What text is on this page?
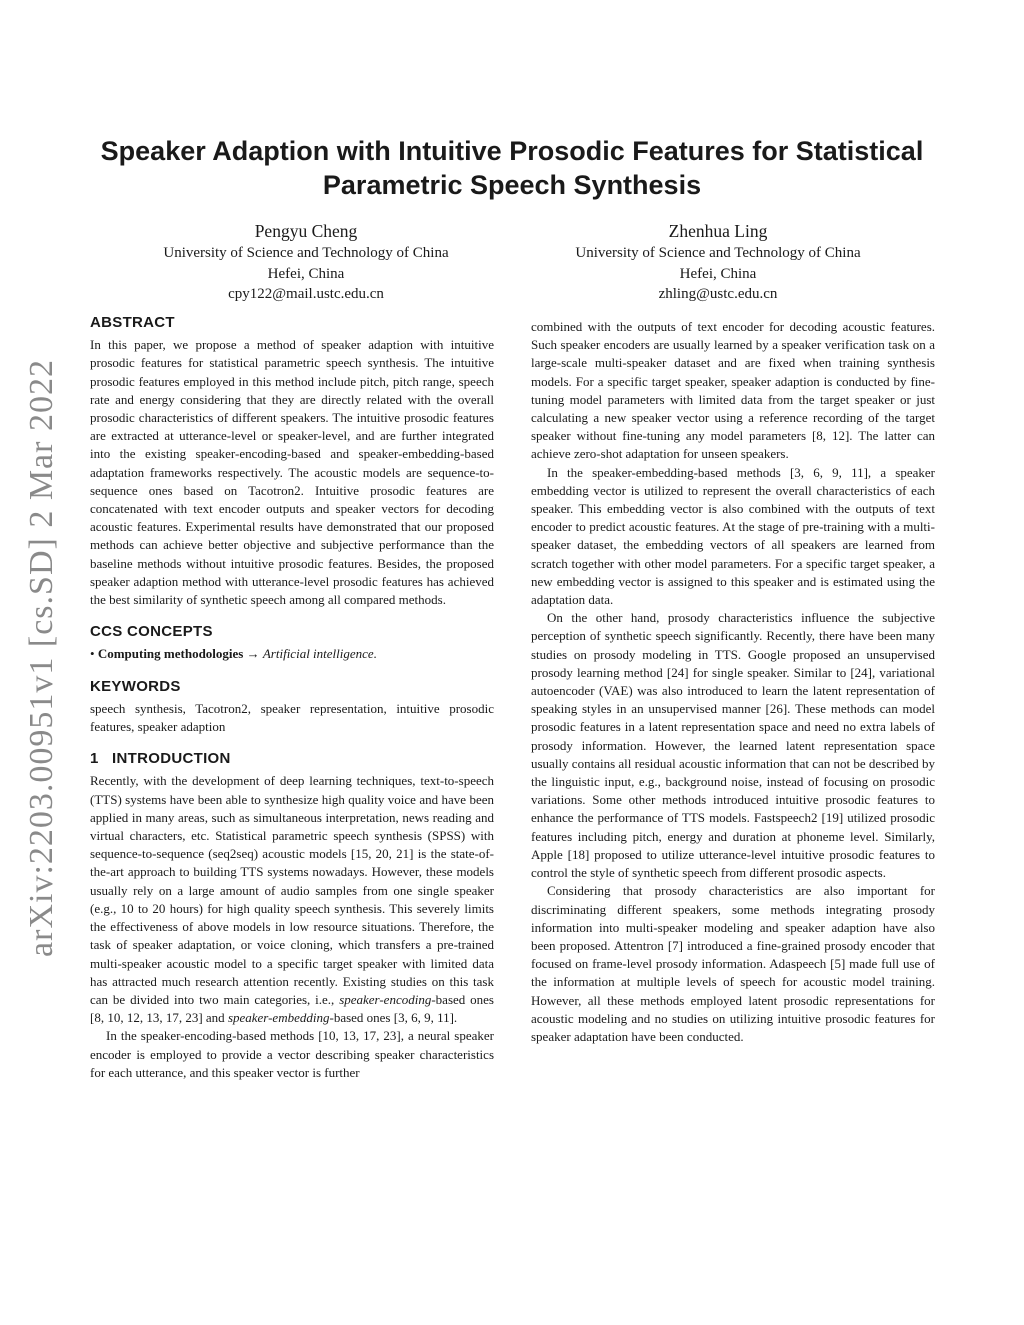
arXiv:2203.00951v1 [cs.SD] 2 Mar 2022
Speaker Adaption with Intuitive Prosodic Features for Statistical
Parametric Speech Synthesis
Pengyu Cheng
University of Science and Technology of China
Hefei, China
cpy122@mail.ustc.edu.cn
Zhenhua Ling
University of Science and Technology of China
Hefei, China
zhling@ustc.edu.cn
ABSTRACT

In this paper, we propose a method of speaker adaption with intuitive prosodic features for statistical parametric speech synthesis. The intuitive prosodic features employed in this method include pitch, pitch range, speech rate and energy considering that they are directly related with the overall prosodic characteristics of different speakers. The intuitive prosodic features are extracted at utterance-level or speaker-level, and are further integrated into the existing speaker-encoding-based and speaker-embedding-based adaptation frameworks respectively. The acoustic models are sequence-to-sequence ones based on Tacotron2. Intuitive prosodic features are concatenated with text encoder outputs and speaker vectors for decoding acoustic features. Experimental results have demonstrated that our proposed methods can achieve better objective and subjective performance than the baseline methods without intuitive prosodic features. Besides, the proposed speaker adaption method with utterance-level prosodic features has achieved the best similarity of synthetic speech among all compared methods.

CCS CONCEPTS

• Computing methodologies → Artificial intelligence.

KEYWORDS

speech synthesis, Tacotron2, speaker representation, intuitive prosodic features, speaker adaption

1   INTRODUCTION

Recently, with the development of deep learning techniques, text-to-speech (TTS) systems have been able to synthesize high quality voice and have been applied in many areas, such as simultaneous interpretation, news reading and virtual characters, etc. Statistical parametric speech synthesis (SPSS) with sequence-to-sequence (seq2seq) acoustic models [15, 20, 21] is the state-of-the-art approach to building TTS systems nowadays. However, these models usually rely on a large amount of audio samples from one single speaker (e.g., 10 to 20 hours) for high quality speech synthesis. This severely limits the effectiveness of above models in low resource situations. Therefore, the task of speaker adaptation, or voice cloning, which transfers a pre-trained multi-speaker acoustic model to a specific target speaker with limited data has attracted much research attention recently. Existing studies on this task can be divided into two main categories, i.e., speaker-encoding-based ones [8, 10, 12, 13, 17, 23] and speaker-embedding-based ones [3, 6, 9, 11].

In the speaker-encoding-based methods [10, 13, 17, 23], a neural speaker encoder is employed to provide a vector describing speaker characteristics for each utterance, and this speaker vector is further

combined with the outputs of text encoder for decoding acoustic features. Such speaker encoders are usually learned by a speaker verification task on a large-scale multi-speaker dataset and are fixed when training synthesis models. For a specific target speaker, speaker adaption is conducted by fine-tuning model parameters with limited data from the target speaker or just calculating a new speaker vector using a reference recording of the target speaker without fine-tuning any model parameters [8, 12]. The latter can achieve zero-shot adaptation for unseen speakers.

In the speaker-embedding-based methods [3, 6, 9, 11], a speaker embedding vector is utilized to represent the overall characteristics of each speaker. This embedding vector is also combined with the outputs of text encoder to predict acoustic features. At the stage of pre-training with a multi-speaker dataset, the embedding vectors of all speakers are learned from scratch together with other model parameters. For a specific target speaker, a new embedding vector is assigned to this speaker and is estimated using the adaptation data.

On the other hand, prosody characteristics influence the subjective perception of synthetic speech significantly. Recently, there have been many studies on prosody modeling in TTS. Google proposed an unsupervised prosody learning method [24] for single speaker. Similar to [24], variational autoencoder (VAE) was also introduced to learn the latent representation of speaking styles in an unsupervised manner [26]. These methods can model prosodic features in a latent representation space and need no extra labels of prosody information. However, the learned latent representation space usually contains all residual acoustic information that can not be described by the linguistic input, e.g., background noise, instead of focusing on prosodic variations. Some other methods introduced intuitive prosodic features to enhance the performance of TTS models. Fastspeech2 [19] utilized prosodic features including pitch, energy and duration at phoneme level. Similarly, Apple [18] proposed to utilize utterance-level intuitive prosodic features to control the style of synthetic speech from different prosodic aspects.

Considering that prosody characteristics are also important for discriminating different speakers, some methods integrating prosody information into multi-speaker modeling and speaker adaption have also been proposed. Attentron [7] introduced a fine-grained prosody encoder that focused on frame-level prosody information. Adaspeech [5] made full use of the information at multiple levels of speech for acoustic model training. However, all these methods employed latent prosodic representations for acoustic modeling and no studies on utilizing intuitive prosodic features for speaker adaptation have been conducted.
